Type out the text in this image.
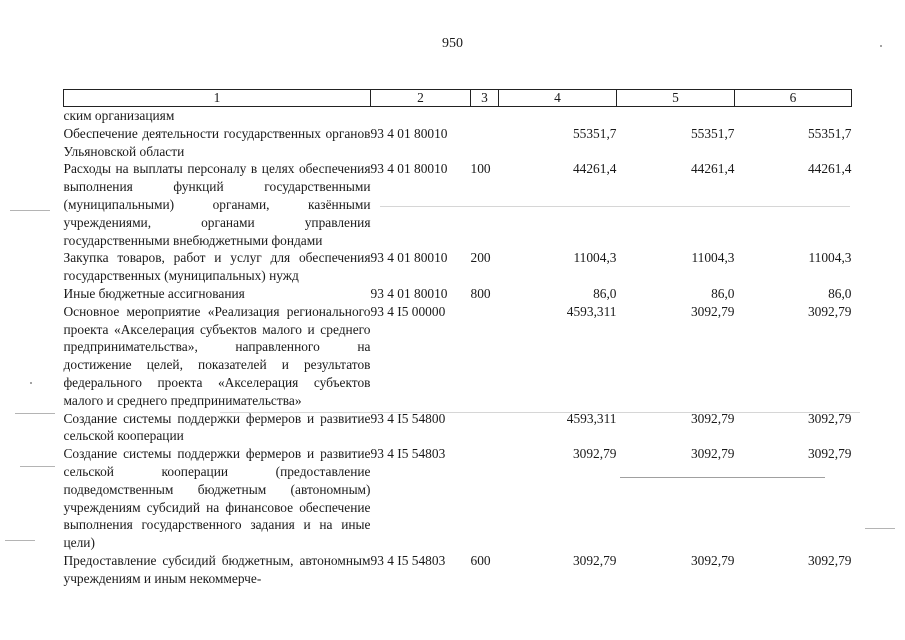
950
1	2	3	4	5	6
ским организациям					
Обеспечение деятельности государственных органов Ульяновской области	93 4 01 80010		55351,7	55351,7	55351,7
Расходы на выплаты персоналу в целях обеспечения выполнения функций государственными (муниципальными) органами, казёнными учреждениями, органами управления государственными внебюджетными фондами	93 4 01 80010	100	44261,4	44261,4	44261,4
Закупка товаров, работ и услуг для обеспечения государственных (муниципальных) нужд	93 4 01 80010	200	11004,3	11004,3	11004,3
Иные бюджетные ассигнования	93 4 01 80010	800	86,0	86,0	86,0
Основное мероприятие «Реализация регионального проекта «Акселерация субъектов малого и среднего предпринимательства», направленного на достижение целей, показателей и результатов федерального проекта «Акселерация субъектов малого и среднего предпринимательства»	93 4 I5 00000		4593,311	3092,79	3092,79
Создание системы поддержки фермеров и развитие сельской кооперации	93 4 I5 54800		4593,311	3092,79	3092,79
Создание системы поддержки фермеров и развитие сельской кооперации (предоставление подведомственным бюджетным (автономным) учреждениям субсидий на финансовое обеспечение выполнения государственного задания и на иные цели)	93 4 I5 54803		3092,79	3092,79	3092,79
Предоставление субсидий бюджетным, автономным учреждениям и иным некоммерче-	93 4 I5 54803	600	3092,79	3092,79	3092,79
